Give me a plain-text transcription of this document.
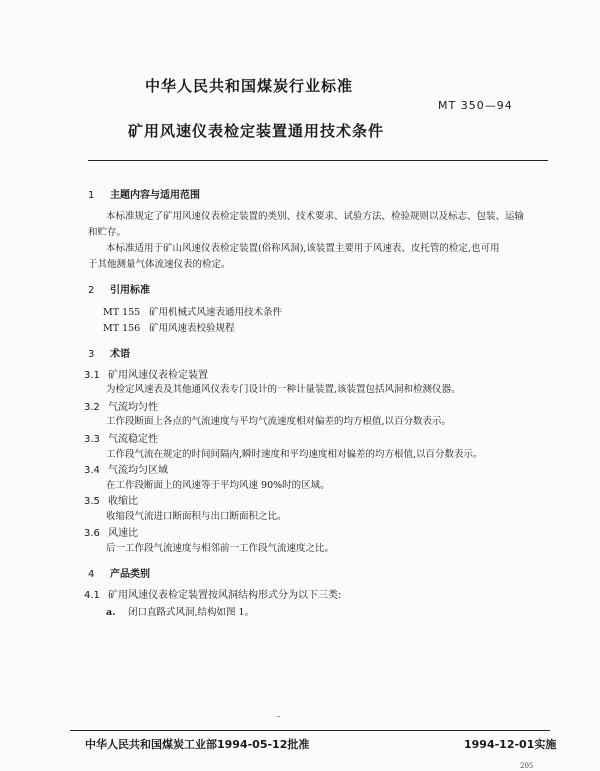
中华人民共和国煤炭行业标准
MT 350—94
矿用风速仪表检定装置通用技术条件
1 主题内容与适用范围
本标准规定了矿用风速仪表检定装置的类别、技术要求、试验方法、检验规则以及标志、包装、运输
和贮存。
本标准适用于矿山风速仪表检定装置(俗称风洞),该装置主要用于风速表、皮托管的检定,也可用
于其他测量气体流速仪表的检定。
2 引用标准
MT 155 矿用机械式风速表通用技术条件
MT 156 矿用风速表校验规程
3 术语
3.1 矿用风速仪表检定装置
为检定风速表及其他通风仪表专门设计的一种计量装置,该装置包括风洞和检测仪器。
3.2 气流均匀性
工作段断面上各点的气流速度与平均气流速度相对偏差的均方根值,以百分数表示。
3.3 气流稳定性
工作段气流在规定的时间间隔内,瞬时速度和平均速度相对偏差的均方根值,以百分数表示。
3.4 气流均匀区域
在工作段断面上的风速等于平均风速 90%时的区域。
3.5 收缩比
收缩段气流进口断面积与出口断面积之比。
3.6 风速比
后一工作段气流速度与相邻前一工作段气流速度之比。
4 产品类别
4.1 矿用风速仪表检定装置按风洞结构形式分为以下三类:
a. 闭口直路式风洞,结构如图 1。
中华人民共和国煤炭工业部1994-05-12批准	1994-12-01实施
205
